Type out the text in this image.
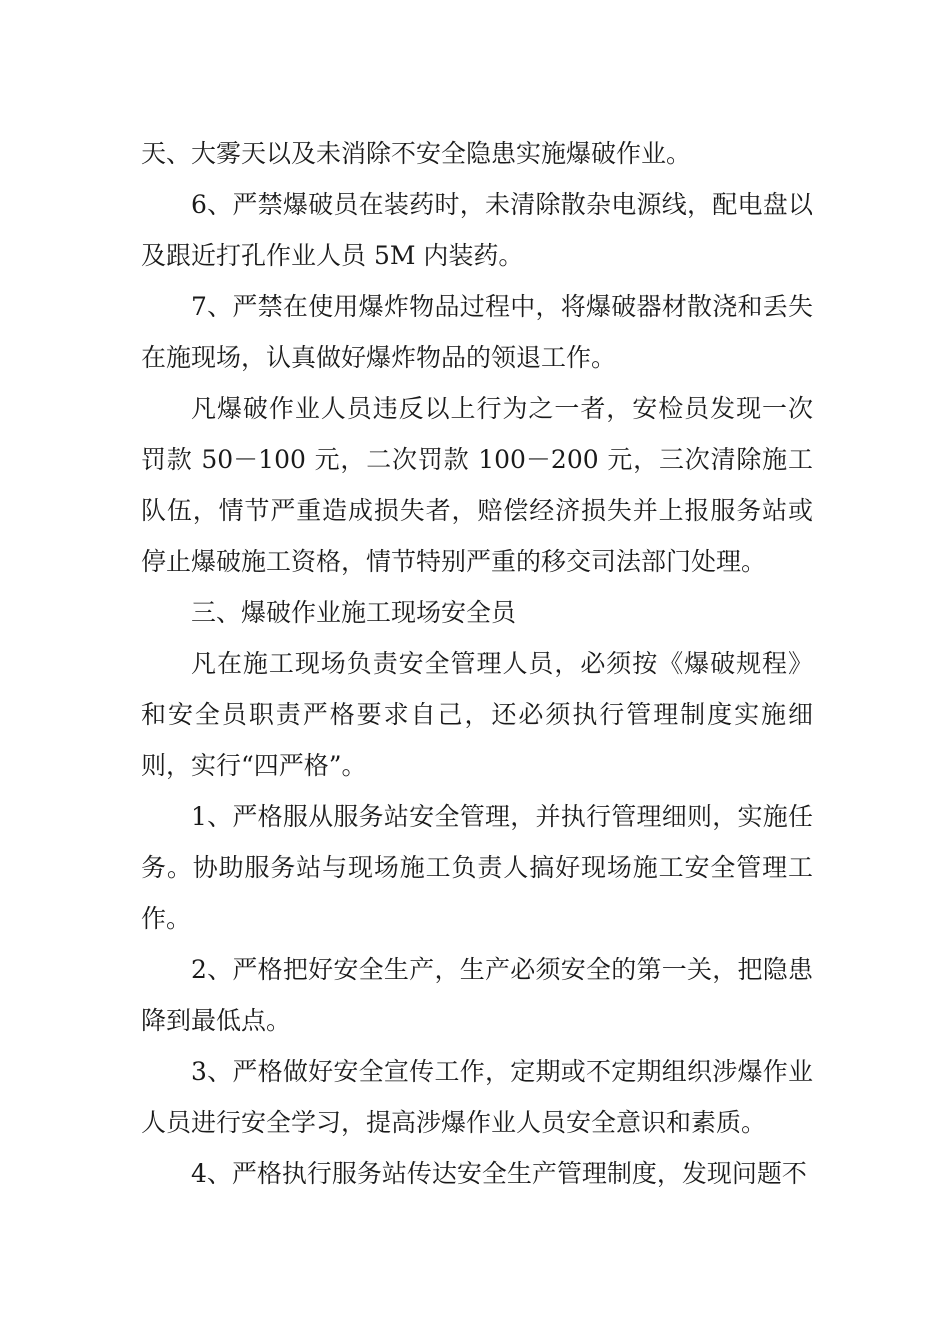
天、大雾天以及未消除不安全隐患实施爆破作业。

6、严禁爆破员在装药时，未清除散杂电源线，配电盘以及跟近打孔作业人员 5M 内装药。

7、严禁在使用爆炸物品过程中，将爆破器材散浇和丢失在施现场，认真做好爆炸物品的领退工作。

凡爆破作业人员违反以上行为之一者，安检员发现一次罚款 50－100 元，二次罚款 100－200 元，三次清除施工队伍，情节严重造成损失者，赔偿经济损失并上报服务站或停止爆破施工资格，情节特别严重的移交司法部门处理。

三、爆破作业施工现场安全员

凡在施工现场负责安全管理人员，必须按《爆破规程》和安全员职责严格要求自己，还必须执行管理制度实施细则，实行“四严格”。

1、严格服从服务站安全管理，并执行管理细则，实施任务。协助服务站与现场施工负责人搞好现场施工安全管理工作。

2、严格把好安全生产，生产必须安全的第一关，把隐患降到最低点。

3、严格做好安全宣传工作，定期或不定期组织涉爆作业人员进行安全学习，提高涉爆作业人员安全意识和素质。

4、严格执行服务站传达安全生产管理制度，发现问题不
